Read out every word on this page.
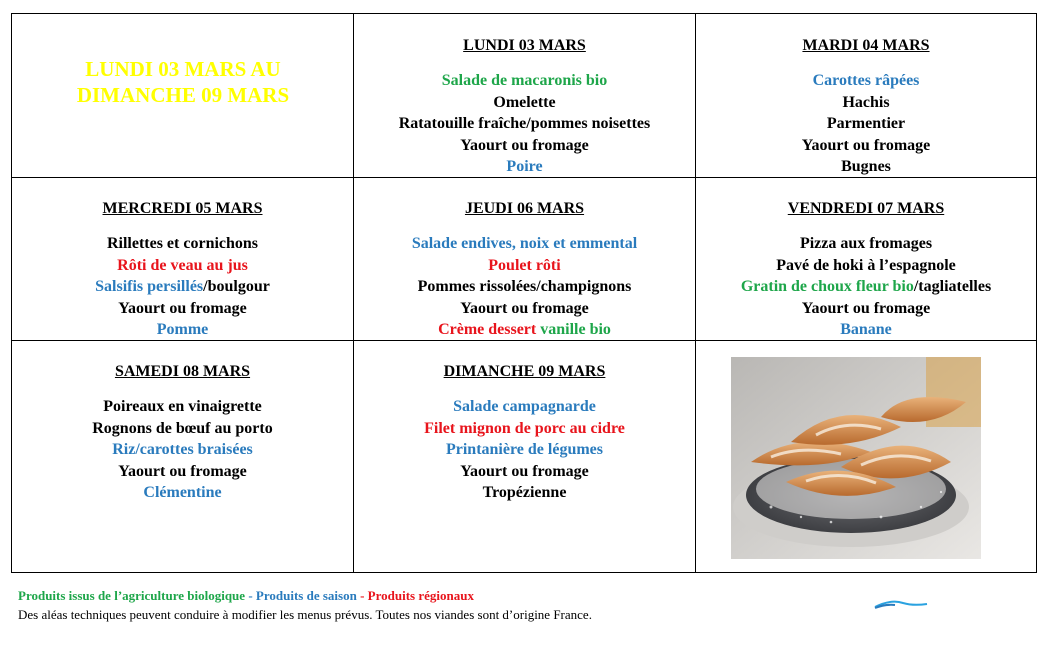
LUNDI 03 MARS AU
DIMANCHE 09 MARS
LUNDI 03 MARS
Salade de macaronis bio
Omelette
Ratatouille fraîche/pommes noisettes
Yaourt ou fromage
Poire
MARDI 04 MARS
Carottes râpées
Hachis
Parmentier
Yaourt ou fromage
Bugnes
MERCREDI 05 MARS
Rillettes et cornichons
Rôti de veau au jus
Salsifis persillés/boulgour
Yaourt ou fromage
Pomme
JEUDI 06 MARS
Salade endives, noix et emmental
Poulet rôti
Pommes rissolées/champignons
Yaourt ou fromage
Crème dessert vanille bio
VENDREDI 07 MARS
Pizza aux fromages
Pavé de hoki à l’espagnole
Gratin de choux fleur bio/tagliatelles
Yaourt ou fromage
Banane
SAMEDI 08 MARS
Poireaux en vinaigrette
Rognons de bœuf au porto
Riz/carottes braisées
Yaourt ou fromage
Clémentine
DIMANCHE 09 MARS
Salade campagnarde
Filet mignon de porc au cidre
Printanière de légumes
Yaourt ou fromage
Tropézienne
Produits issus de l’agriculture biologique - Produits de saison - Produits régionaux
Des aléas techniques peuvent conduire à modifier les menus prévus. Toutes nos viandes sont d’origine France.
